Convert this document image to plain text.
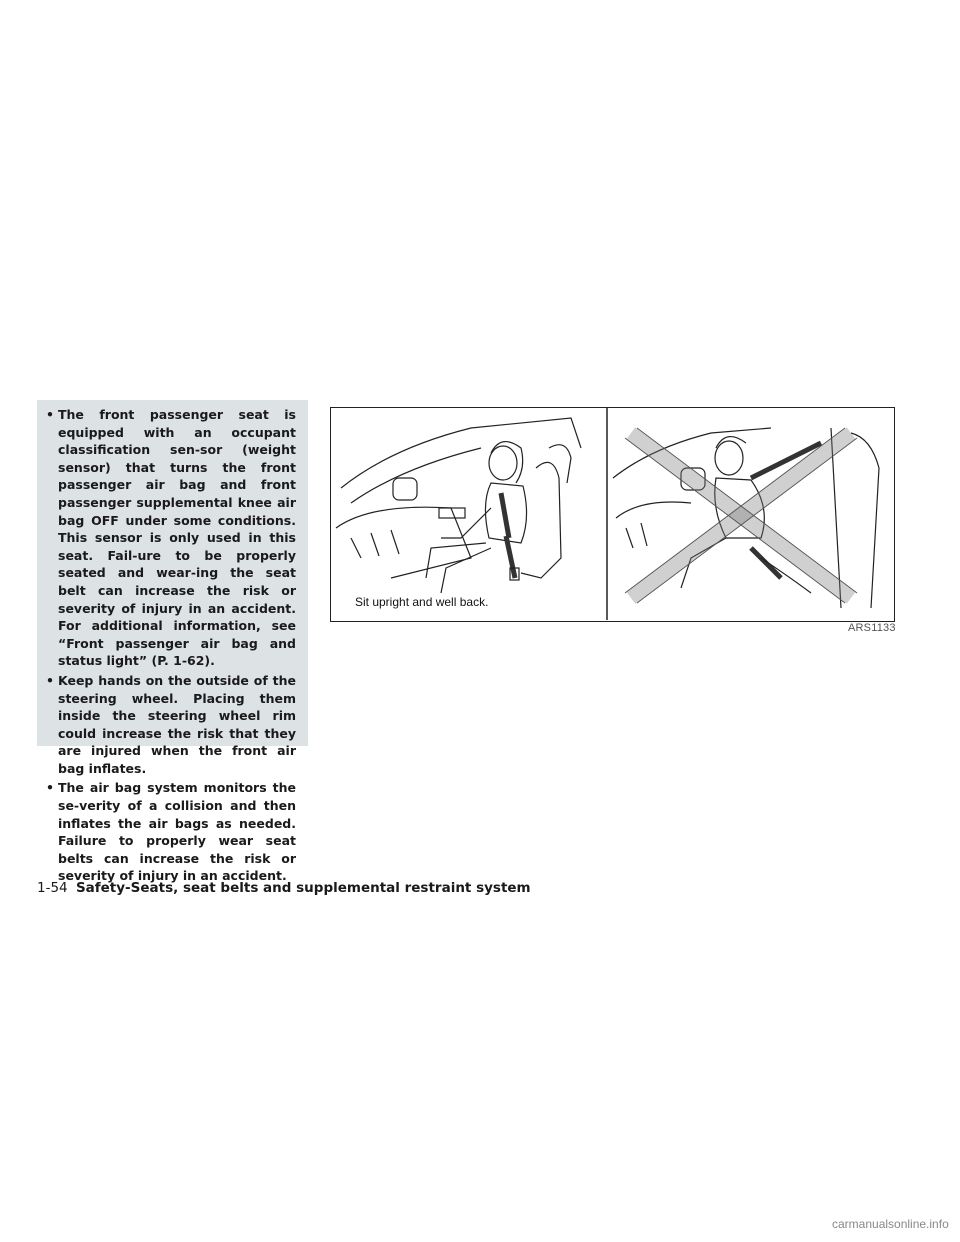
• The front passenger seat is equipped with an occupant classification sen-sor (weight sensor) that turns the front passenger air bag and front passenger supplemental knee air bag OFF under some conditions. This sensor is only used in this seat. Fail-ure to be properly seated and wear-ing the seat belt can increase the risk or severity of injury in an accident. For additional information, see “Front passenger air bag and status light” (P. 1-62).
• Keep hands on the outside of the steering wheel. Placing them inside the steering wheel rim could increase the risk that they are injured when the front air bag inflates.
• The air bag system monitors the se-verity of a collision and then inflates the air bags as needed. Failure to properly wear seat belts can increase the risk or severity of injury in an accident.
Sit upright and well back.
ARS1133
1-54 Safety-Seats, seat belts and supplemental restraint system
carmanualsonline.info
